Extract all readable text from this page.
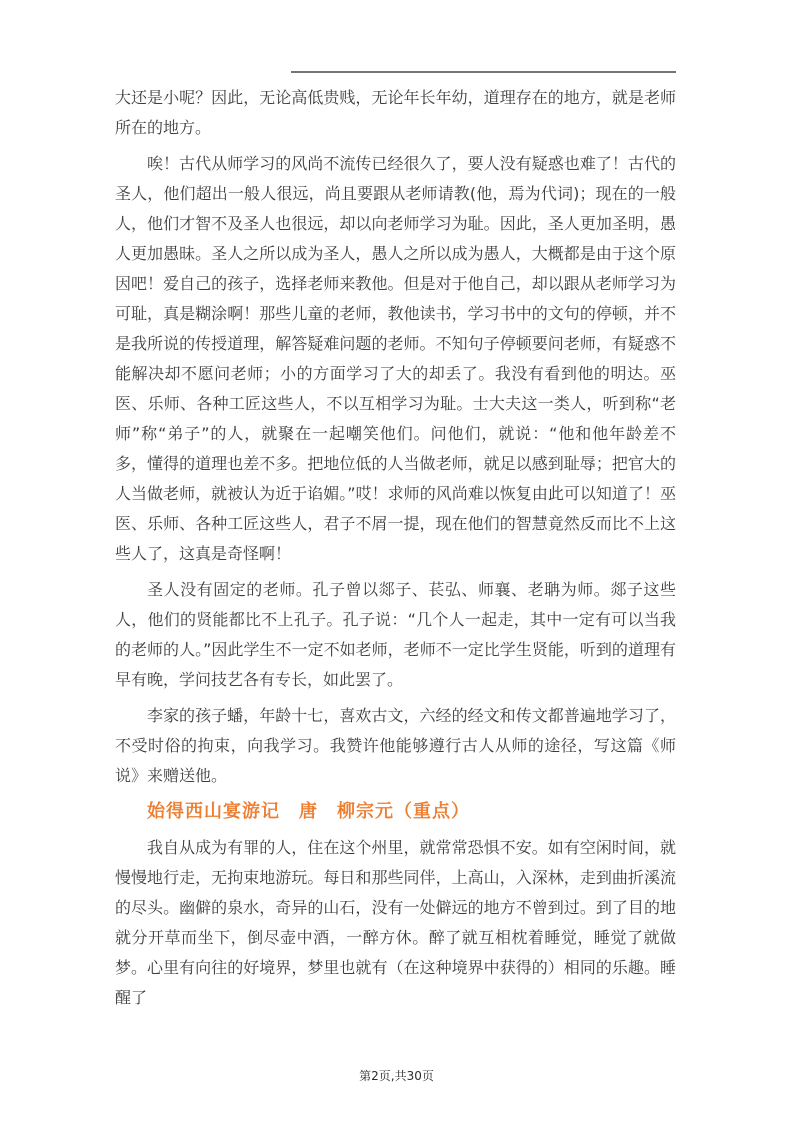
大还是小呢？因此，无论高低贵贱，无论年长年幼，道理存在的地方，就是老师所在的地方。

唉！古代从师学习的风尚不流传已经很久了，要人没有疑惑也难了！古代的圣人，他们超出一般人很远，尚且要跟从老师请教(他，焉为代词)；现在的一般人，他们才智不及圣人也很远，却以向老师学习为耻。因此，圣人更加圣明，愚人更加愚昧。圣人之所以成为圣人，愚人之所以成为愚人，大概都是由于这个原因吧！爱自己的孩子，选择老师来教他。但是对于他自己，却以跟从老师学习为可耻，真是糊涂啊！那些儿童的老师，教他读书，学习书中的文句的停顿，并不是我所说的传授道理，解答疑难问题的老师。不知句子停顿要问老师，有疑惑不能解决却不愿问老师；小的方面学习了大的却丢了。我没有看到他的明达。巫医、乐师、各种工匠这些人，不以互相学习为耻。士大夫这一类人，听到称“老师”称“弟子”的人，就聚在一起嘲笑他们。问他们，就说：“他和他年龄差不多，懂得的道理也差不多。把地位低的人当做老师，就足以感到耻辱；把官大的人当做老师，就被认为近于谄媚。”哎！求师的风尚难以恢复由此可以知道了！巫医、乐师、各种工匠这些人，君子不屑一提，现在他们的智慧竟然反而比不上这些人了，这真是奇怪啊！

圣人没有固定的老师。孔子曾以郯子、苌弘、师襄、老聃为师。郯子这些人，他们的贤能都比不上孔子。孔子说：“几个人一起走，其中一定有可以当我的老师的人。”因此学生不一定不如老师，老师不一定比学生贤能，听到的道理有早有晚，学问技艺各有专长，如此罢了。

李家的孩子蟠，年龄十七，喜欢古文，六经的经文和传文都普遍地学习了，不受时俗的拘束，向我学习。我赞许他能够遵行古人从师的途径，写这篇《师说》来赠送他。

始得西山宴游记　唐　柳宗元（重点）

我自从成为有罪的人，住在这个州里，就常常恐惧不安。如有空闲时间，就慢慢地行走，无拘束地游玩。每日和那些同伴，上高山，入深林，走到曲折溪流的尽头。幽僻的泉水，奇异的山石，没有一处僻远的地方不曾到过。到了目的地就分开草而坐下，倒尽壶中酒，一醉方休。醉了就互相枕着睡觉，睡觉了就做梦。心里有向往的好境界，梦里也就有（在这种境界中获得的）相同的乐趣。睡醒了

第2页,共30页
